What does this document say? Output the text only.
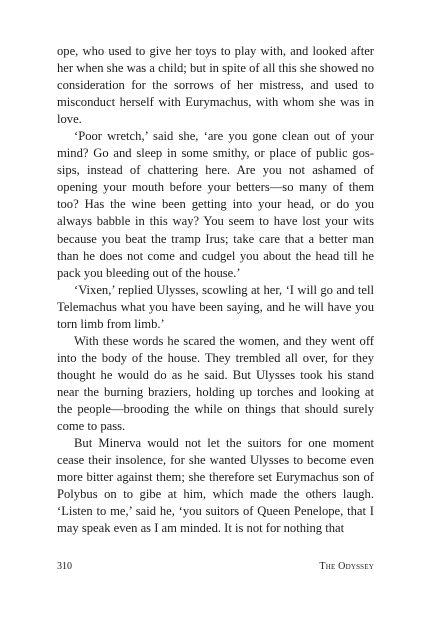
ope, who used to give her toys to play with, and looked after her when she was a child; but in spite of all this she showed no consideration for the sorrows of her mistress, and used to misconduct herself with Eurymachus, with whom she was in love.

‘Poor wretch,’ said she, ‘are you gone clean out of your mind? Go and sleep in some smithy, or place of public gossips, instead of chattering here. Are you not ashamed of opening your mouth before your betters—so many of them too? Has the wine been getting into your head, or do you always babble in this way? You seem to have lost your wits because you beat the tramp Irus; take care that a better man than he does not come and cudgel you about the head till he pack you bleeding out of the house.’

‘Vixen,’ replied Ulysses, scowling at her, ‘I will go and tell Telemachus what you have been saying, and he will have you torn limb from limb.’

With these words he scared the women, and they went off into the body of the house. They trembled all over, for they thought he would do as he said. But Ulysses took his stand near the burning braziers, holding up torches and looking at the people—brooding the while on things that should surely come to pass.

But Minerva would not let the suitors for one moment cease their insolence, for she wanted Ulysses to become even more bitter against them; she therefore set Eurymachus son of Polybus on to gibe at him, which made the others laugh. ‘Listen to me,’ said he, ‘you suitors of Queen Penelope, that I may speak even as I am minded. It is not for nothing that

310	The Odyssey
